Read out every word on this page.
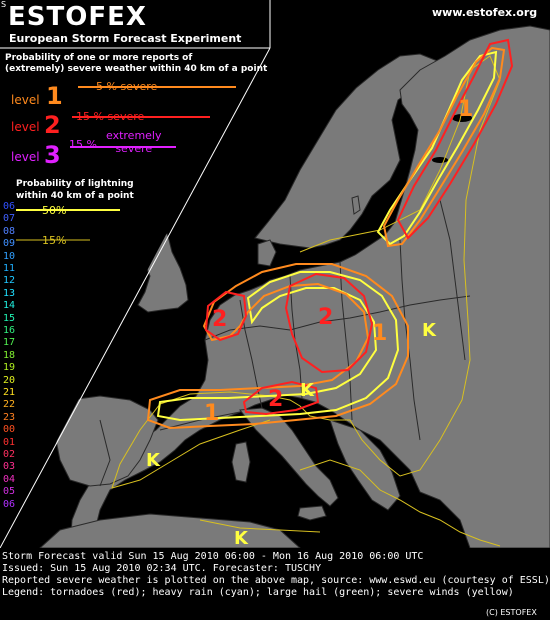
1
1
1
2
2
2
K
K
K
K
S ESTOFEX
European Storm Forecast Experiment
www.estofex.org
Probability of one or more reports of
(extremely) severe weather within 40 km of a point
level 1	5 % severe
level 2 15 % severe
level 3 15 %
extremely
severe
Probability of lightning
within 40 km of a point
50%
15%
06
07
08
09
10
11
12
13
14
15
16
17
18
19
20
21
22
23
00
01
02
03
04
05
06
Storm Forecast valid Sun 15 Aug 2010 06:00 - Mon 16 Aug 2010 06:00 UTC
Issued: Sun 15 Aug 2010 02:34 UTC. Forecaster: TUSCHY
Reported severe weather is plotted on the above map, source: www.eswd.eu (courtesy of ESSL)
Legend: tornadoes (red); heavy rain (cyan); large hail (green); severe winds (yellow)
(C) ESTOFEX
